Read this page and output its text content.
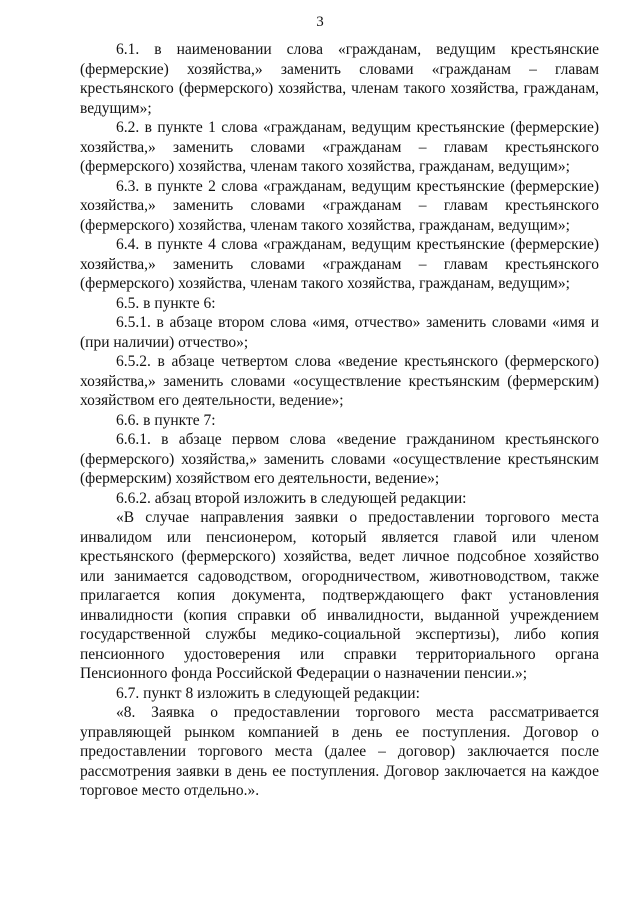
3

6.1. в наименовании слова «гражданам, ведущим крестьянские (фермерские) хозяйства,» заменить словами «гражданам – главам крестьянского (фермерского) хозяйства, членам такого хозяйства, гражданам, ведущим»;

6.2. в пункте 1 слова «гражданам, ведущим крестьянские (фермерские) хозяйства,» заменить словами «гражданам – главам крестьянского (фермерского) хозяйства, членам такого хозяйства, гражданам, ведущим»;

6.3. в пункте 2 слова «гражданам, ведущим крестьянские (фермерские) хозяйства,» заменить словами «гражданам – главам крестьянского (фермерского) хозяйства, членам такого хозяйства, гражданам, ведущим»;

6.4. в пункте 4 слова «гражданам, ведущим крестьянские (фермерские) хозяйства,» заменить словами «гражданам – главам крестьянского (фермерского) хозяйства, членам такого хозяйства, гражданам, ведущим»;

6.5. в пункте 6:

6.5.1. в абзаце втором слова «имя, отчество» заменить словами «имя и (при наличии) отчество»;

6.5.2. в абзаце четвертом слова «ведение крестьянского (фермерского) хозяйства,» заменить словами «осуществление крестьянским (фермерским) хозяйством его деятельности, ведение»;

6.6. в пункте 7:

6.6.1. в абзаце первом слова «ведение гражданином крестьянского (фермерского) хозяйства,» заменить словами «осуществление крестьянским (фермерским) хозяйством его деятельности, ведение»;

6.6.2. абзац второй изложить в следующей редакции:

«В случае направления заявки о предоставлении торгового места инвалидом или пенсионером, который является главой или членом крестьянского (фермерского) хозяйства, ведет личное подсобное хозяйство или занимается садоводством, огородничеством, животноводством, также прилагается копия документа, подтверждающего факт установления инвалидности (копия справки об инвалидности, выданной учреждением государственной службы медико-социальной экспертизы), либо копия пенсионного удостоверения или справки территориального органа Пенсионного фонда Российской Федерации о назначении пенсии.»;

6.7. пункт 8 изложить в следующей редакции:

«8. Заявка о предоставлении торгового места рассматривается управляющей рынком компанией в день ее поступления. Договор о предоставлении торгового места (далее – договор) заключается после рассмотрения заявки в день ее поступления. Договор заключается на каждое торговое место отдельно.».
